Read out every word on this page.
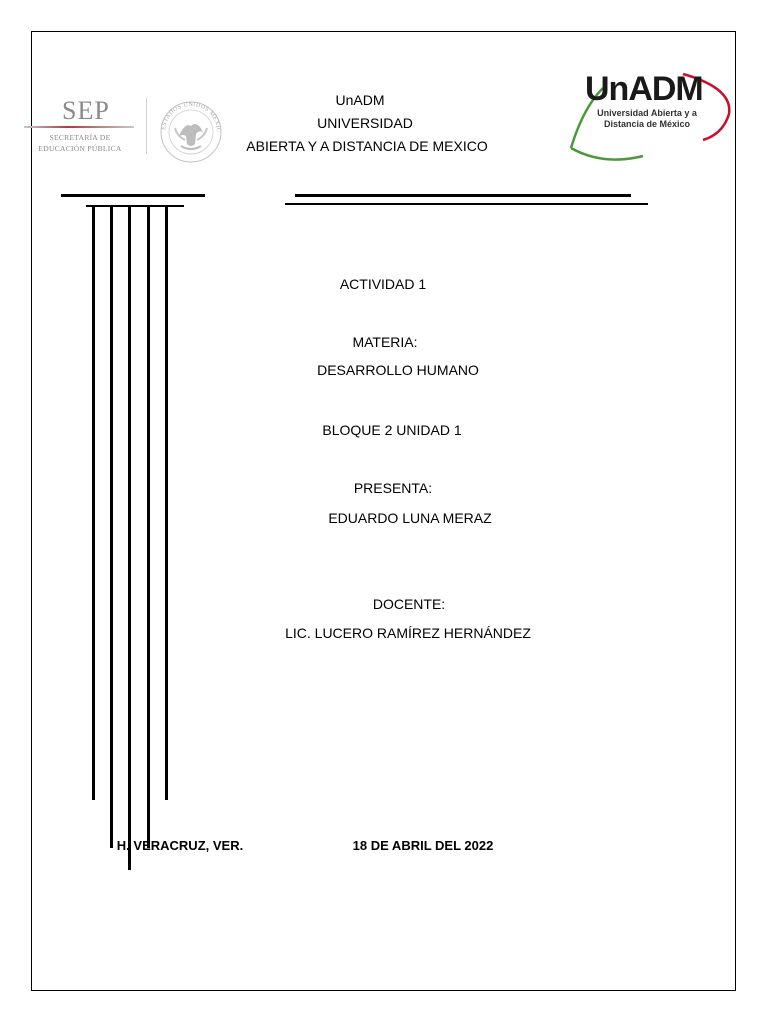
SEP
SECRETARÍA DE
EDUCACIÓN PÚBLICA
ESTADOS UNIDOS MEXIC
UnADM
UNIVERSIDAD
ABIERTA Y A DISTANCIA DE MEXICO
UnADM
Universidad Abierta y a
Distancia de México
ACTIVIDAD 1
MATERIA:
DESARROLLO HUMANO
BLOQUE 2 UNIDAD 1
PRESENTA:
EDUARDO LUNA MERAZ
DOCENTE:
LIC. LUCERO RAMÍREZ HERNÁNDEZ
H. VERACRUZ, VER.	18 DE ABRIL DEL 2022
